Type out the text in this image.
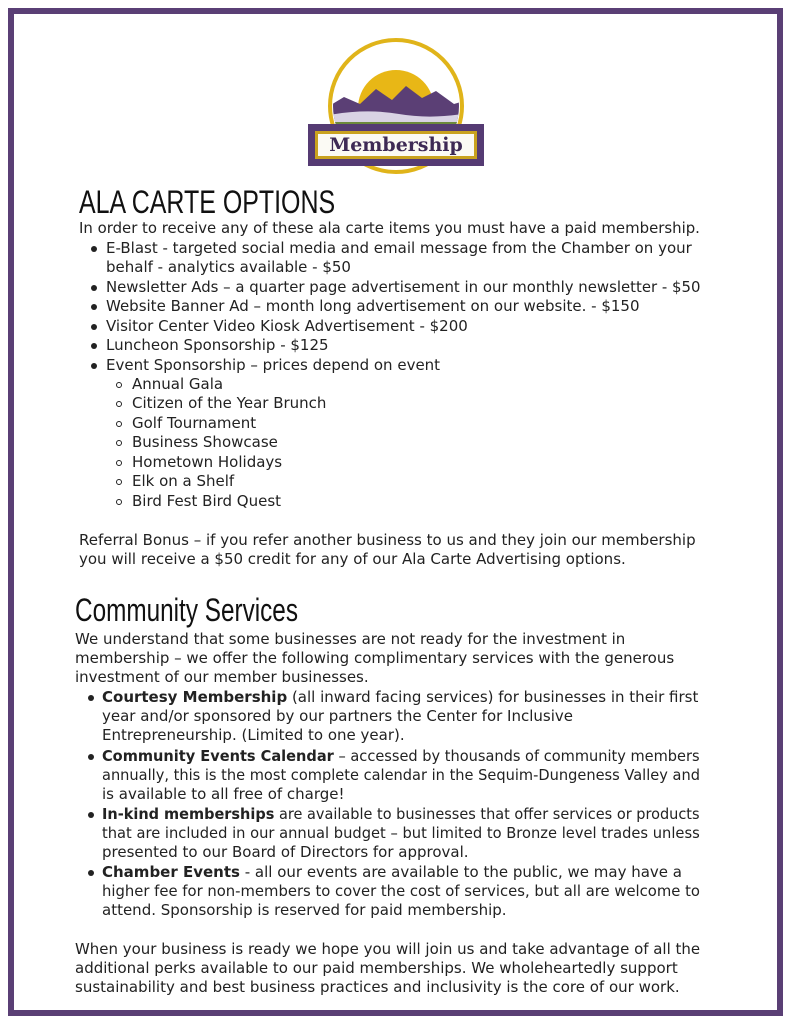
Membership
ALA CARTE OPTIONS
In order to receive any of these ala carte items you must have a paid membership.
E-Blast - targeted social media and email message from the Chamber on your
behalf - analytics available - $50
Newsletter Ads – a quarter page advertisement in our monthly newsletter - $50
Website Banner Ad – month long advertisement on our website. - $150
Visitor Center Video Kiosk Advertisement - $200
Luncheon Sponsorship - $125
Event Sponsorship – prices depend on event
Annual Gala
Citizen of the Year Brunch
Golf Tournament
Business Showcase
Hometown Holidays
Elk on a Shelf
Bird Fest Bird Quest
Referral Bonus – if you refer another business to us and they join our membership
you will receive a $50 credit for any of our Ala Carte Advertising options.
Community Services
We understand that some businesses are not ready for the investment in
membership – we offer the following complimentary services with the generous
investment of our member businesses.
Courtesy Membership (all inward facing services) for businesses in their first
year and/or sponsored by our partners the Center for Inclusive
Entrepreneurship. (Limited to one year).
Community Events Calendar – accessed by thousands of community members
annually, this is the most complete calendar in the Sequim-Dungeness Valley and
is available to all free of charge!
In-kind memberships are available to businesses that offer services or products
that are included in our annual budget – but limited to Bronze level trades unless
presented to our Board of Directors for approval.
Chamber Events - all our events are available to the public, we may have a
higher fee for non-members to cover the cost of services, but all are welcome to
attend. Sponsorship is reserved for paid membership.
When your business is ready we hope you will join us and take advantage of all the
additional perks available to our paid memberships. We wholeheartedly support
sustainability and best business practices and inclusivity is the core of our work.
